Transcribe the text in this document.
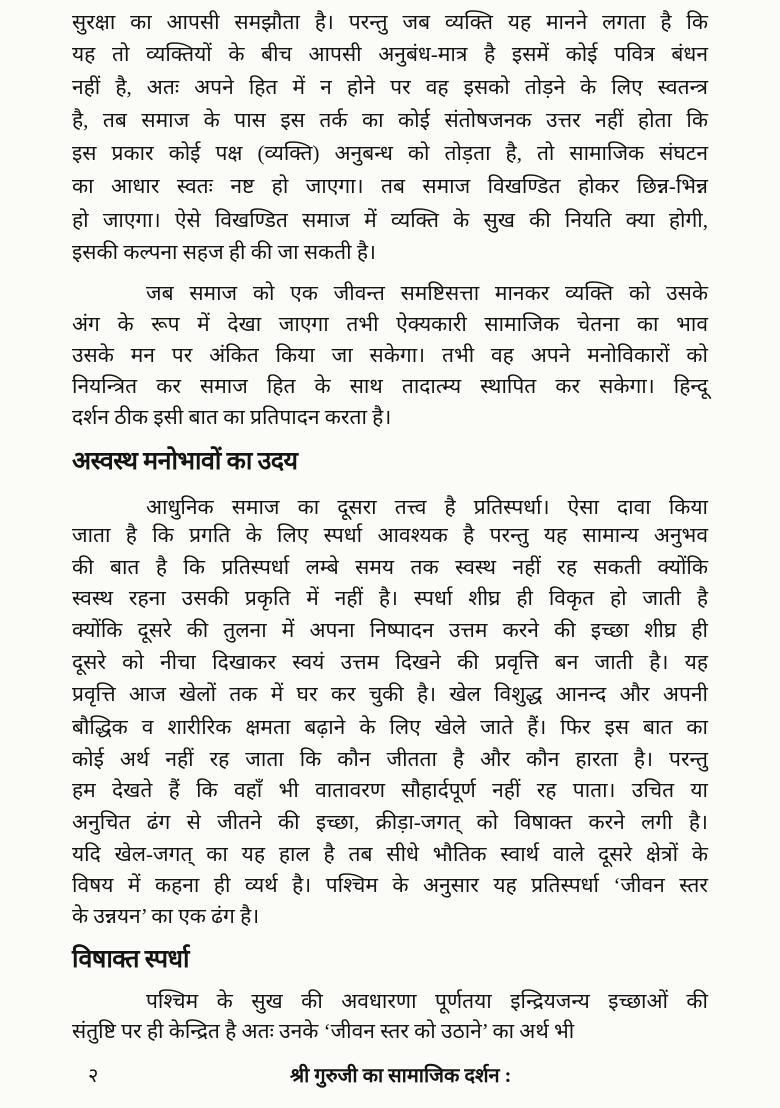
अस्वस्थ मनोभावों का उदय
विषाक्त स्पर्धा
२	श्री गुरुजी का सामाजिक दर्शन :
सुरक्षा का आपसी समझौता है। परन्तु जब व्यक्ति यह मानने लगता है कि
यह तो व्यक्तियों के बीच आपसी अनुबंध-मात्र है इसमें कोई पवित्र बंधन
नहीं है, अतः अपने हित में न होने पर वह इसको तोड़ने के लिए स्वतन्त्र
है, तब समाज के पास इस तर्क का कोई संतोषजनक उत्तर नहीं होता कि
इस प्रकार कोई पक्ष (व्यक्ति) अनुबन्ध को तोड़ता है, तो सामाजिक संघटन
का आधार स्वतः नष्ट हो जाएगा। तब समाज विखण्डित होकर छिन्न-भिन्न
हो जाएगा। ऐसे विखण्डित समाज में व्यक्ति के सुख की नियति क्या होगी,
इसकी कल्पना सहज ही की जा सकती है।
जब समाज को एक जीवन्त समष्टिसत्ता मानकर व्यक्ति को उसके
अंग के रूप में देखा जाएगा तभी ऐक्यकारी सामाजिक चेतना का भाव
उसके मन पर अंकित किया जा सकेगा। तभी वह अपने मनोविकारों को
नियन्त्रित कर समाज हित के साथ तादात्म्य स्थापित कर सकेगा। हिन्दू
दर्शन ठीक इसी बात का प्रतिपादन करता है।
आधुनिक समाज का दूसरा तत्त्व है प्रतिस्पर्धा। ऐसा दावा किया
जाता है कि प्रगति के लिए स्पर्धा आवश्यक है परन्तु यह सामान्य अनुभव
की बात है कि प्रतिस्पर्धा लम्बे समय तक स्वस्थ नहीं रह सकती क्योंकि
स्वस्थ रहना उसकी प्रकृति में नहीं है। स्पर्धा शीघ्र ही विकृत हो जाती है
क्योंकि दूसरे की तुलना में अपना निष्पादन उत्तम करने की इच्छा शीघ्र ही
दूसरे को नीचा दिखाकर स्वयं उत्तम दिखने की प्रवृत्ति बन जाती है। यह
प्रवृत्ति आज खेलों तक में घर कर चुकी है। खेल विशुद्ध आनन्द और अपनी
बौद्धिक व शारीरिक क्षमता बढ़ाने के लिए खेले जाते हैं। फिर इस बात का
कोई अर्थ नहीं रह जाता कि कौन जीतता है और कौन हारता है। परन्तु
हम देखते हैं कि वहाँ भी वातावरण सौहार्दपूर्ण नहीं रह पाता। उचित या
अनुचित ढंग से जीतने की इच्छा, क्रीड़ा-जगत् को विषाक्त करने लगी है।
यदि खेल-जगत् का यह हाल है तब सीधे भौतिक स्वार्थ वाले दूसरे क्षेत्रों के
विषय में कहना ही व्यर्थ है। पश्चिम के अनुसार यह प्रतिस्पर्धा ‘जीवन स्तर
के उन्नयन’ का एक ढंग है।
पश्चिम के सुख की अवधारणा पूर्णतया इन्द्रियजन्य इच्छाओं की
संतुष्टि पर ही केन्द्रित है अतः उनके ‘जीवन स्तर को उठाने’ का अर्थ भी
